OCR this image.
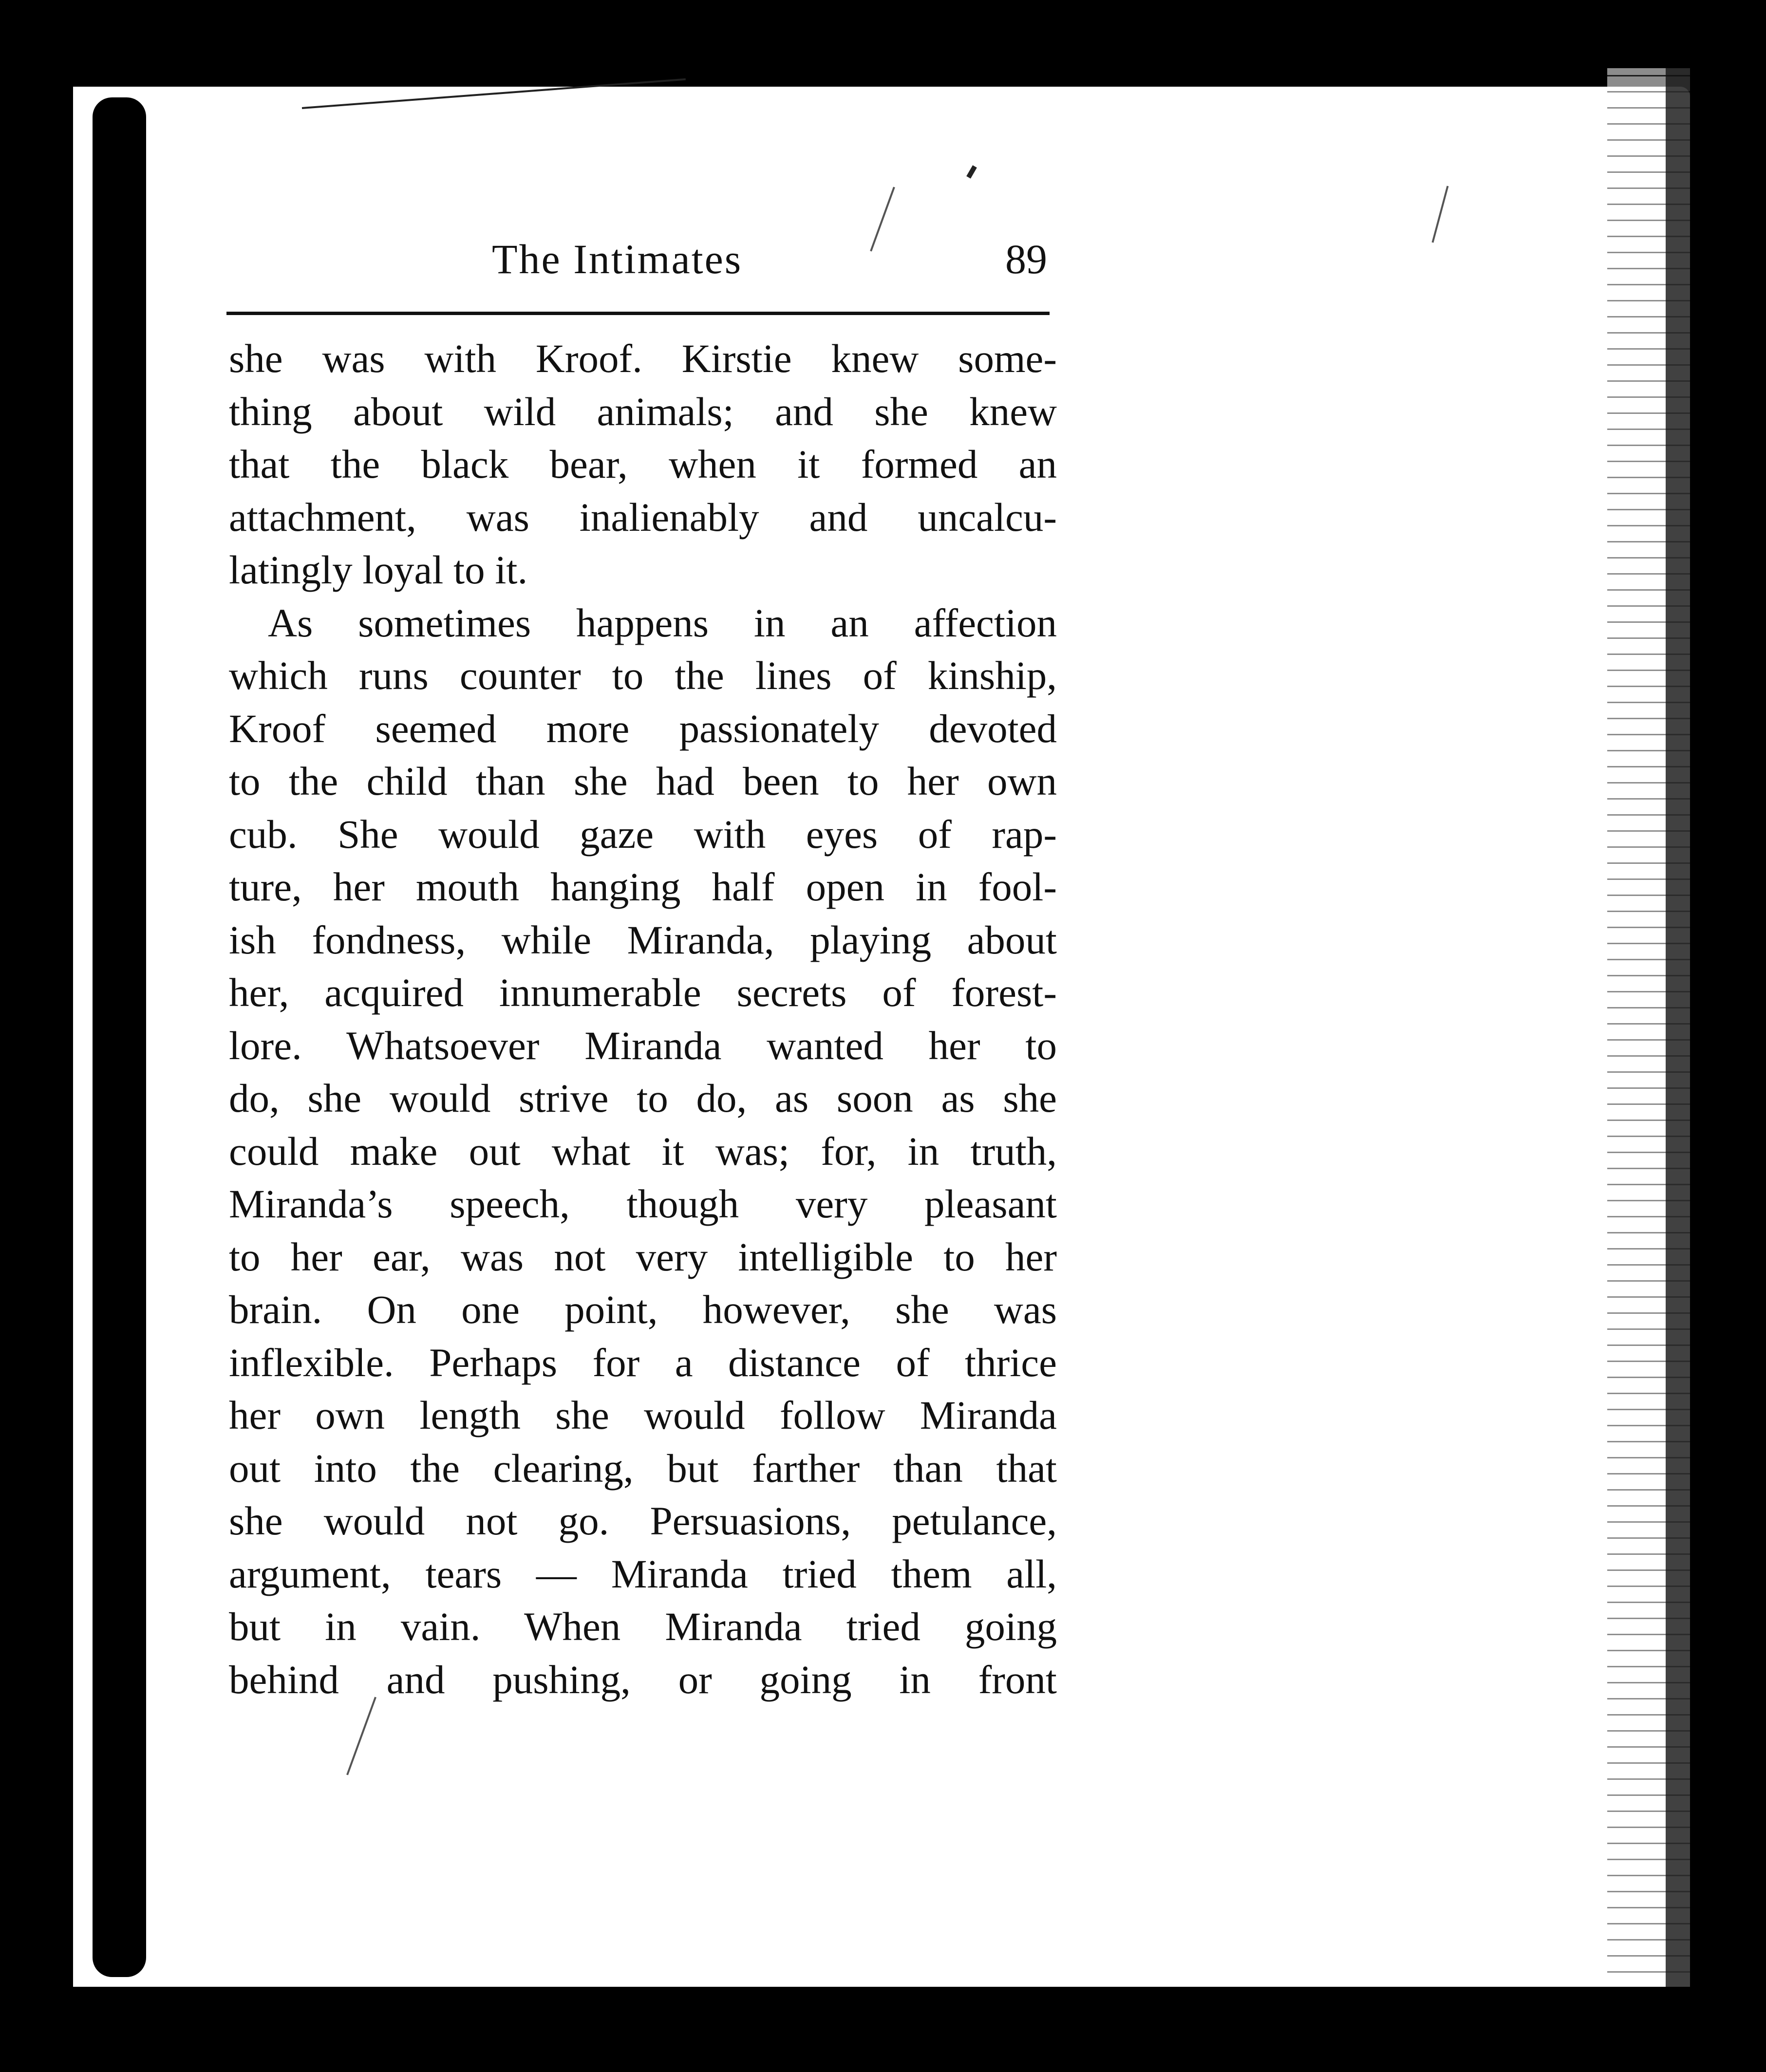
The Intimates	89

she was with Kroof. Kirstie knew some-

thing about wild animals; and she knew

that the black bear, when it formed an

attachment, was inalienably and uncalcu-

latingly loyal to it.

As sometimes happens in an affection

which runs counter to the lines of kinship,

Kroof seemed more passionately devoted

to the child than she had been to her own

cub. She would gaze with eyes of rap-

ture, her mouth hanging half open in fool-

ish fondness, while Miranda, playing about

her, acquired innumerable secrets of forest-

lore. Whatsoever Miranda wanted her to

do, she would strive to do, as soon as she

could make out what it was; for, in truth,

Miranda’s speech, though very pleasant

to her ear, was not very intelligible to her

brain. On one point, however, she was

inflexible. Perhaps for a distance of thrice

her own length she would follow Miranda

out into the clearing, but farther than that

she would not go. Persuasions, petulance,

argument, tears — Miranda tried them all,

but in vain. When Miranda tried going

behind and pushing, or going in front
